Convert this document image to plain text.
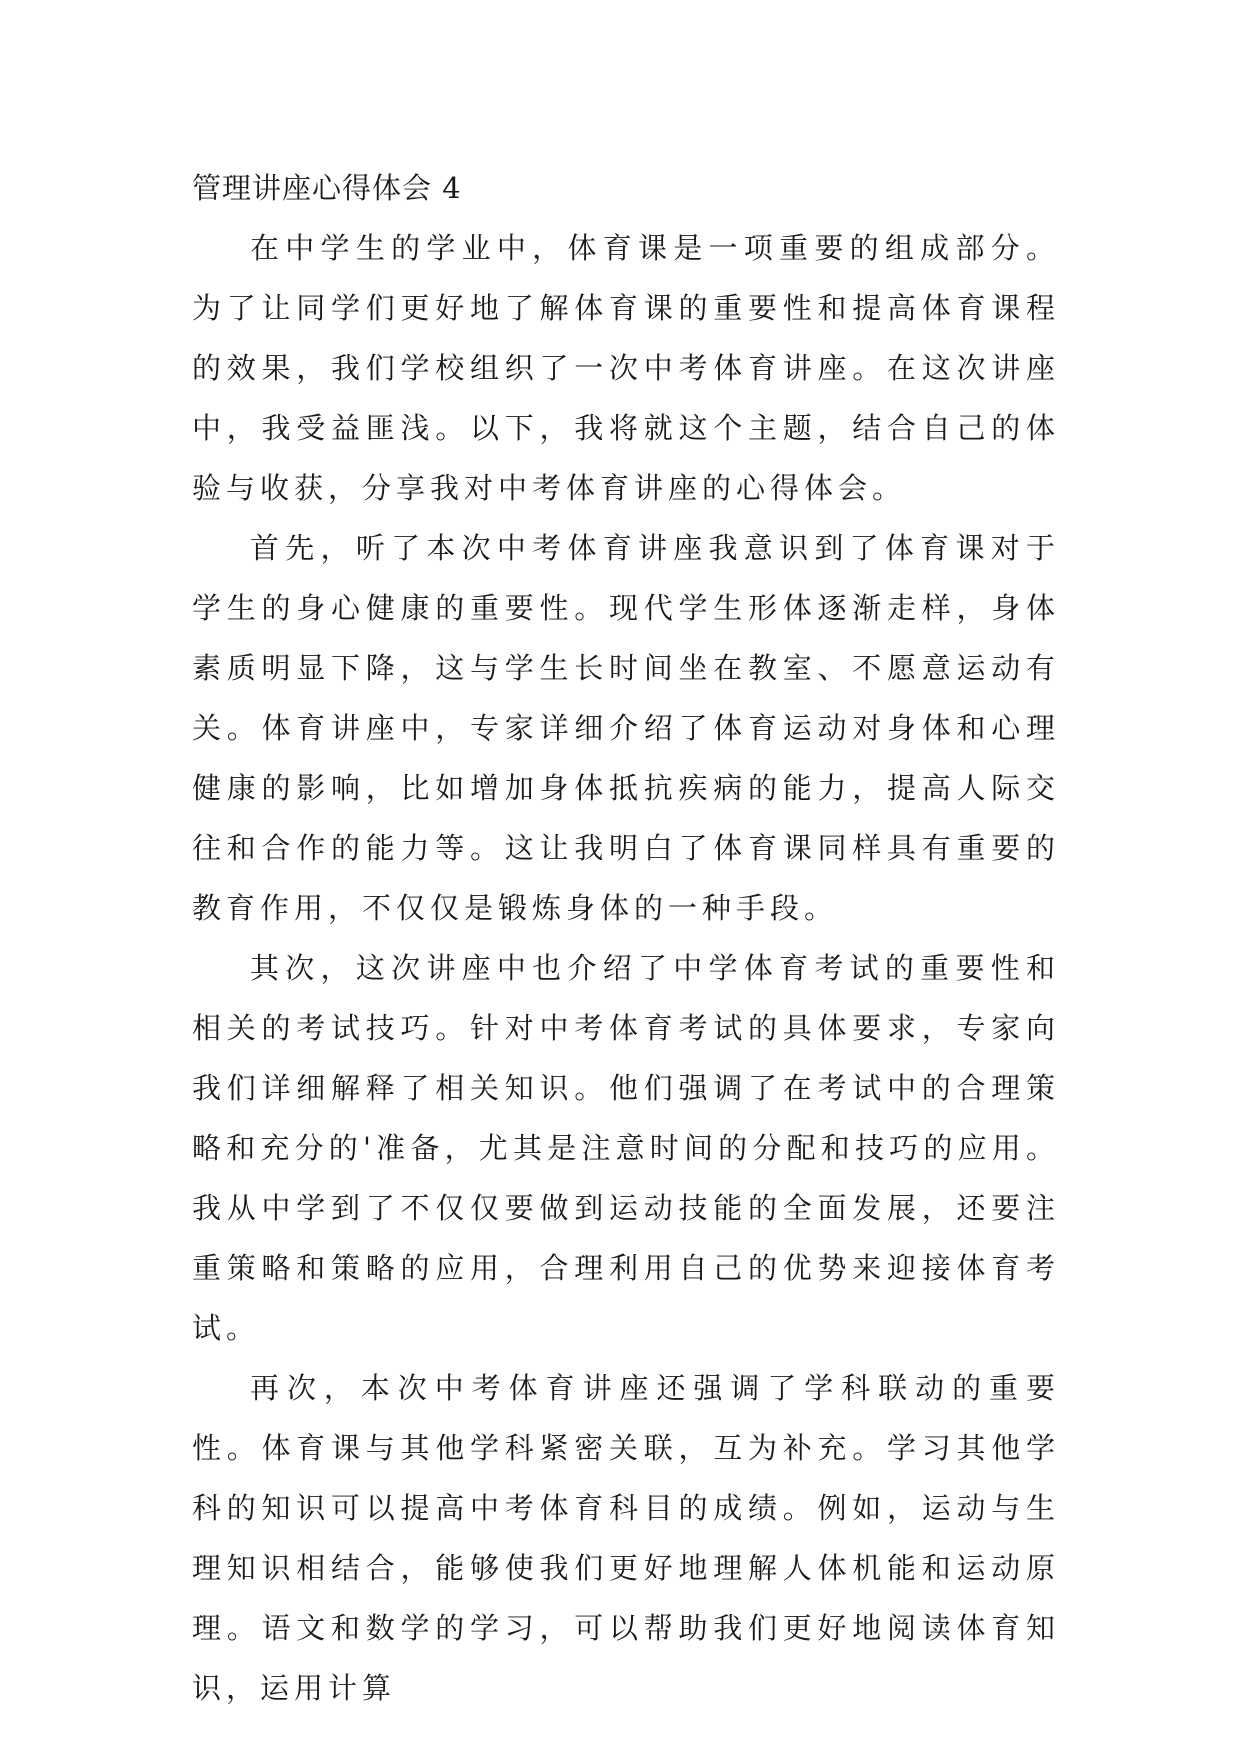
管理讲座心得体会 4

在中学生的学业中，体育课是一项重要的组成部分。为了让同学们更好地了解体育课的重要性和提高体育课程的效果，我们学校组织了一次中考体育讲座。在这次讲座中，我受益匪浅。以下，我将就这个主题，结合自己的体验与收获，分享我对中考体育讲座的心得体会。

首先，听了本次中考体育讲座我意识到了体育课对于学生的身心健康的重要性。现代学生形体逐渐走样，身体素质明显下降，这与学生长时间坐在教室、不愿意运动有关。体育讲座中，专家详细介绍了体育运动对身体和心理健康的影响，比如增加身体抵抗疾病的能力，提高人际交往和合作的能力等。这让我明白了体育课同样具有重要的教育作用，不仅仅是锻炼身体的一种手段。

其次，这次讲座中也介绍了中学体育考试的重要性和相关的考试技巧。针对中考体育考试的具体要求，专家向我们详细解释了相关知识。他们强调了在考试中的合理策略和充分的'准备，尤其是注意时间的分配和技巧的应用。我从中学到了不仅仅要做到运动技能的全面发展，还要注重策略和策略的应用，合理利用自己的优势来迎接体育考试。

再次，本次中考体育讲座还强调了学科联动的重要性。体育课与其他学科紧密关联，互为补充。学习其他学科的知识可以提高中考体育科目的成绩。例如，运动与生理知识相结合，能够使我们更好地理解人体机能和运动原理。语文和数学的学习，可以帮助我们更好地阅读体育知识，运用计算
